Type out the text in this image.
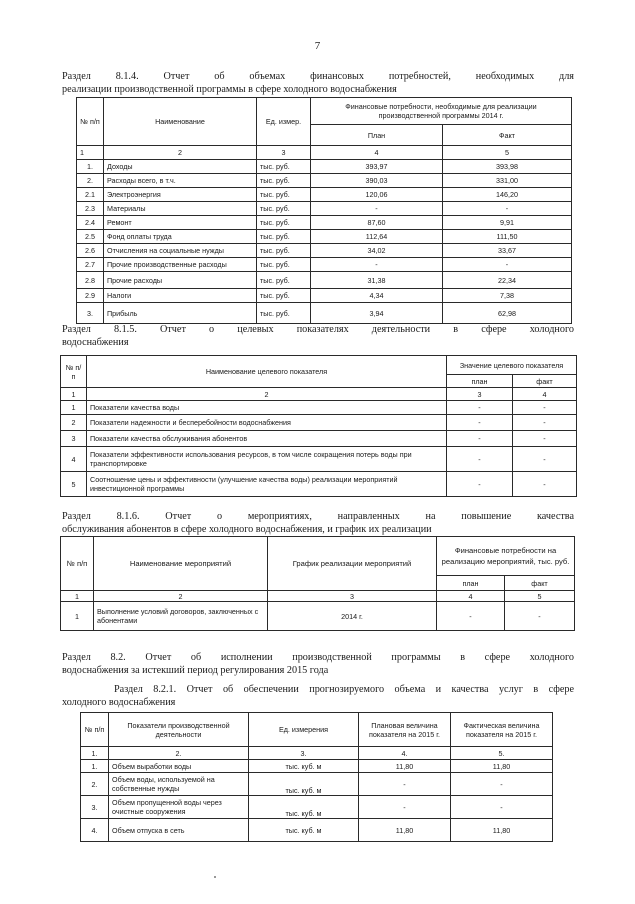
7
Раздел 8.1.4. Отчет об объемах финансовых потребностей, необходимых для
реализации производственной программы в сфере холодного водоснабжения
№ п/п	Наименование	Ед. измер.	Финансовые потребности, необходимые для реализации производственной программы 2014 г.	
			План	Факт
1	2	3	4	5
1.	Доходы	тыс. руб.	393,97	393,98
2.	Расходы всего, в т.ч.	тыс. руб.	390,03	331,00
2.1	Электроэнергия	тыс. руб.	120,06	146,20
2.3	Материалы	тыс. руб.	-	-
2.4	Ремонт	тыс. руб.	87,60	9,91
2.5	Фонд оплаты труда	тыс. руб.	112,64	111,50
2.6	Отчисления на социальные нужды	тыс. руб.	34,02	33,67
2.7	Прочие производственные расходы	тыс. руб.	-	-
2.8	Прочие расходы	тыс. руб.	31,38	22,34
2.9	Налоги	тыс. руб.	4,34	7,38
3.	Прибыль	тыс. руб.	3,94	62,98
Раздел 8.1.5. Отчет о целевых показателях деятельности в сфере холодного
водоснабжения
№ п/п	Наименование целевого показателя	Значение целевого показателя	
		план	факт
1	2	3	4
1	Показатели качества воды	-	-
2	Показатели надежности и бесперебойности водоснабжения	-	-
3	Показатели качества обслуживания абонентов	-	-
4	Показатели эффективности использования ресурсов, в том числе сокращения потерь воды при транспортировке	-	-
5	Соотношение цены и эффективности (улучшение качества воды) реализации мероприятий инвестиционной программы	-	-
Раздел 8.1.6. Отчет о мероприятиях, направленных на повышение качества
обслуживания абонентов в сфере холодного водоснабжения, и график их реализации
№ п/п	Наименование мероприятий	График реализации мероприятий	Финансовые потребности на реализацию мероприятий, тыс. руб.	
			план	факт
1	2	3	4	5
1	Выполнение условий договоров, заключенных с абонентами	2014 г.	-	-
Раздел 8.2. Отчет об исполнении производственной программы в сфере холодного
водоснабжения за истекший период регулирования 2015 года
Раздел 8.2.1. Отчет об обеспечении прогнозируемого объема и качества услуг в сфере
холодного водоснабжения
№ п/п	Показатели производственной деятельности	Ед. измерения	Плановая величина показателя на 2015 г.	Фактическая величина показателя на 2015 г.
1.	2.	3.	4.	5.
1.	Объем выработки воды	тыс. куб. м	11,80	11,80
2.	Объем воды, используемой на собственные нужды	тыс. куб. м	-	-
3.	Объем пропущенной воды через очистные сооружения	тыс. куб. м	-	-
4.	Объем отпуска в сеть	тыс. куб. м	11,80	11,80
